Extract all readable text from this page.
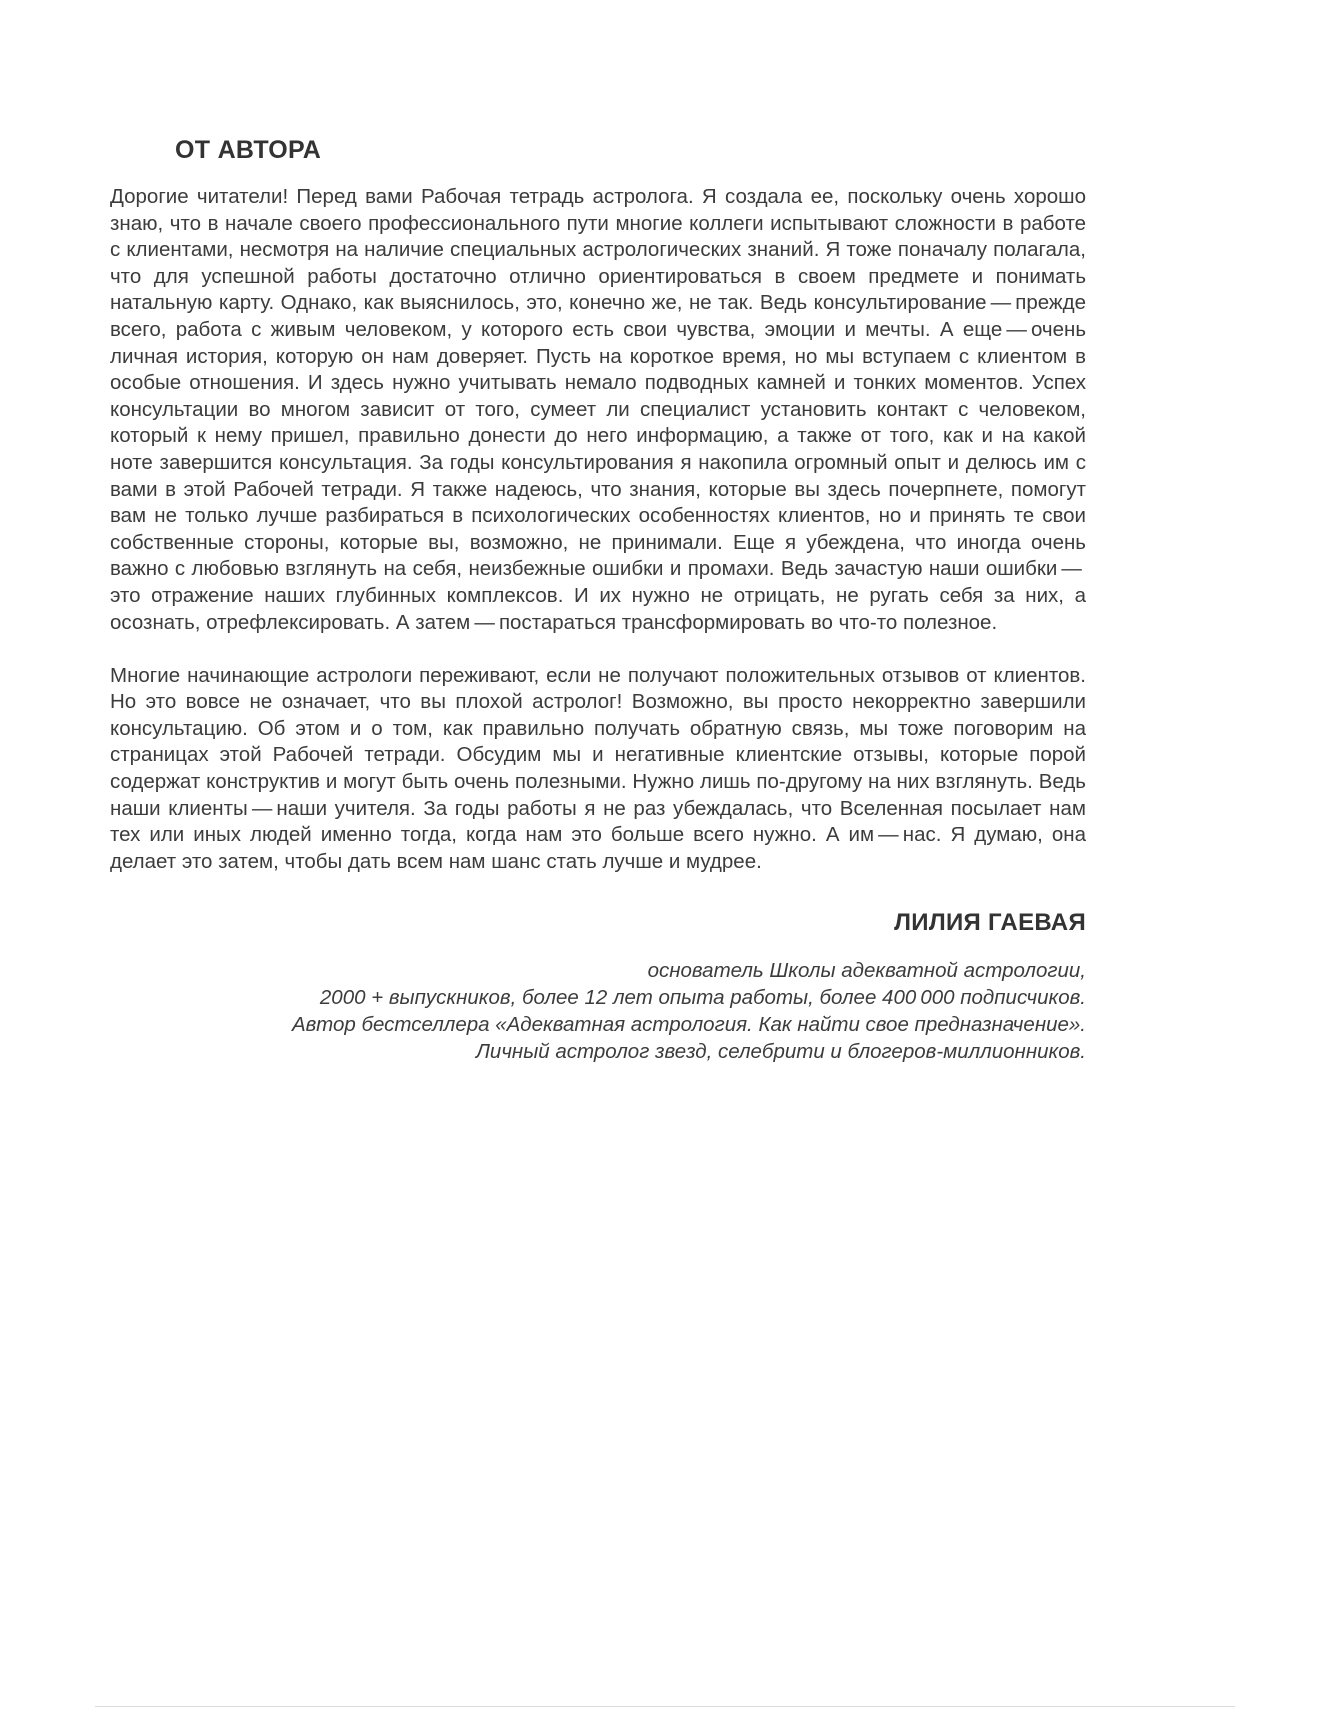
ОТ АВТОРА

Дорогие читатели! Перед вами Рабочая тетрадь астролога. Я создала ее, поскольку очень хорошо знаю, что в начале своего профессионального пути многие коллеги испытывают сложности в работе с клиентами, несмотря на наличие специальных астрологических знаний. Я тоже поначалу полагала, что для успешной работы достаточно отлично ориентироваться в своем предмете и понимать натальную карту. Однако, как выяснилось, это, конечно же, не так. Ведь консультирование — прежде всего, работа с живым человеком, у которого есть свои чувства, эмоции и мечты. А еще — очень личная история, которую он нам доверяет. Пусть на короткое время, но мы вступаем с клиентом в особые отношения. И здесь нужно учитывать немало подводных камней и тонких моментов. Успех консультации во многом зависит от того, сумеет ли специалист установить контакт с человеком, который к нему пришел, правильно донести до него информацию, а также от того, как и на какой ноте завершится консультация. За годы консультирования я накопила огромный опыт и делюсь им с вами в этой Рабочей тетради. Я также надеюсь, что знания, которые вы здесь почерпнете, помогут вам не только лучше разбираться в психологических особенностях клиентов, но и принять те свои собственные стороны, которые вы, возможно, не принимали. Еще я убеждена, что иногда очень важно с любовью взглянуть на себя, неизбежные ошибки и промахи. Ведь зачастую наши ошибки — это отражение наших глубинных комплексов. И их нужно не отрицать, не ругать себя за них, а осознать, отрефлексировать. А затем — постараться трансформировать во что-то полезное.

Многие начинающие астрологи переживают, если не получают положительных отзывов от клиентов. Но это вовсе не означает, что вы плохой астролог! Возможно, вы просто некорректно завершили консультацию. Об этом и о том, как правильно получать обратную связь, мы тоже поговорим на страницах этой Рабочей тетради. Обсудим мы и негативные клиентские отзывы, которые порой содержат конструктив и могут быть очень полезными. Нужно лишь по-другому на них взглянуть. Ведь наши клиенты — наши учителя. За годы работы я не раз убеждалась, что Вселенная посылает нам тех или иных людей именно тогда, когда нам это больше всего нужно. А им — нас. Я думаю, она делает это затем, чтобы дать всем нам шанс стать лучше и мудрее.

ЛИЛИЯ ГАЕВАЯ
основатель Школы адекватной астрологии,
2000 + выпускников, более 12 лет опыта работы, более 400 000 подписчиков.
Автор бестселлера «Адекватная астрология. Как найти свое предназначение».
Личный астролог звезд, селебрити и блогеров-миллионников.
